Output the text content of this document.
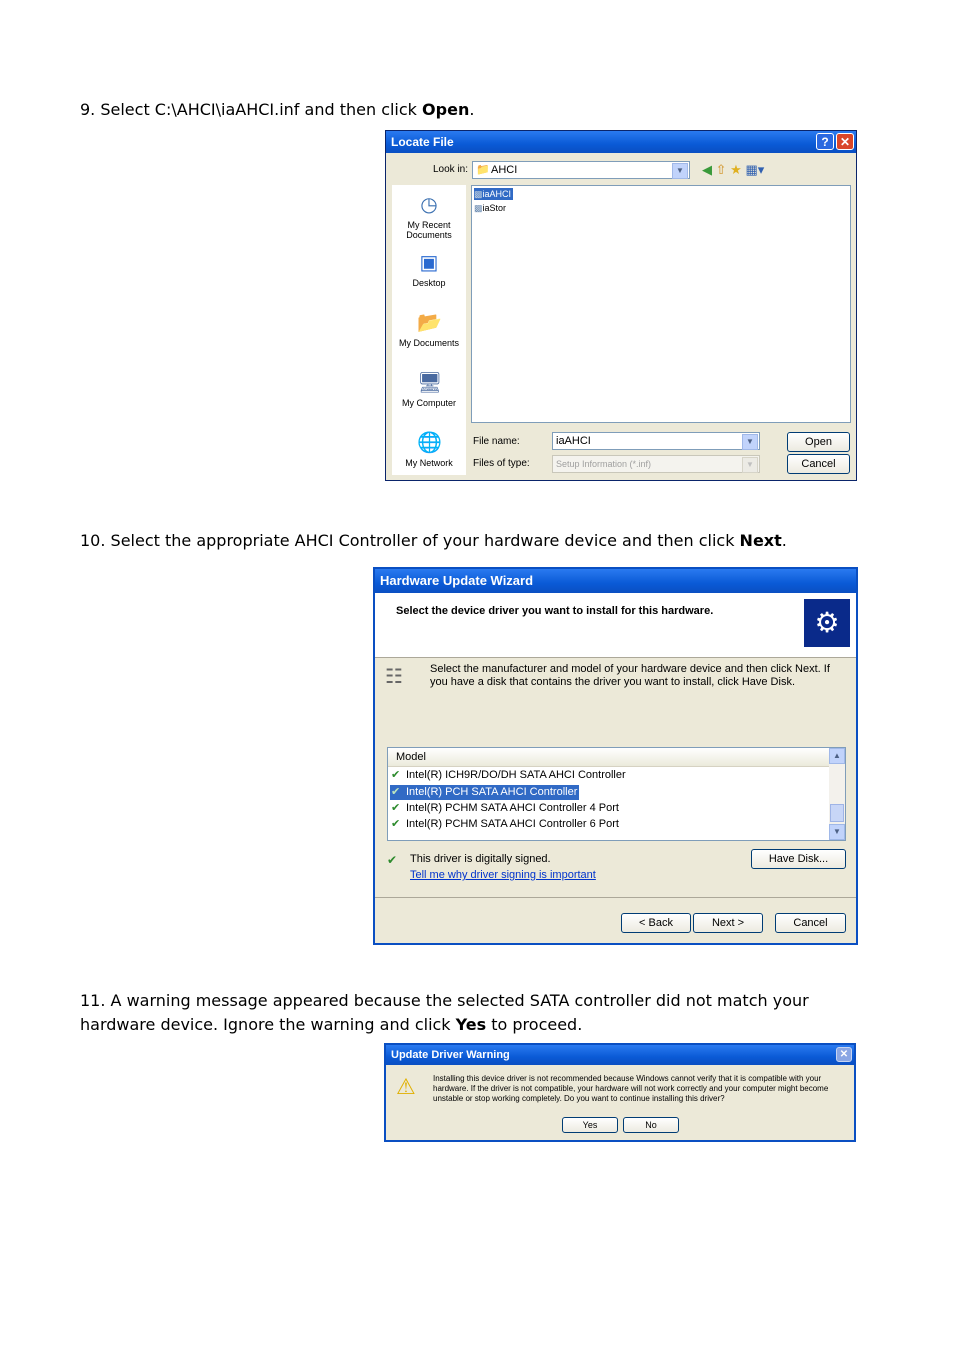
9. Select C:\AHCI\iaAHCI.inf and then click Open.
Locate File	? ✕
Look in: 📁 AHCI	▼	◀ ⇧ ★ ▦▾
◷
My Recent Documents
▣
Desktop
📂
My Documents
🖥
My Computer
🌐
My Network
▩iaAHCI
▩iaStor
File name:	iaAHCI	▼	Open
Files of type:	Setup Information (*.inf)	▼	Cancel
10. Select the appropriate AHCI Controller of your hardware device and then click Next.
Hardware Update Wizard
Select the device driver you want to install for this hardware.	⚙
☷	Select the manufacturer and model of your hardware device and then click Next. If you have a disk that contains the driver you want to install, click Have Disk.
Model
✔ Intel(R) ICH9R/DO/DH SATA AHCI Controller
✔ Intel(R) PCH SATA AHCI Controller
✔ Intel(R) PCHM SATA AHCI Controller 4 Port
✔ Intel(R) PCHM SATA AHCI Controller 6 Port
▲
▼
✔ This driver is digitally signed.
Tell me why driver signing is important
Have Disk...
< Back	Next >	Cancel
11. A warning message appeared because the selected SATA controller did not match your
hardware device. Ignore the warning and click Yes to proceed.
Update Driver Warning	✕
⚠ Installing this device driver is not recommended because Windows cannot verify that it is compatible with your hardware. If the driver is not compatible, your hardware will not work correctly and your computer might become unstable or stop working completely. Do you want to continue installing this driver?
Yes	No
